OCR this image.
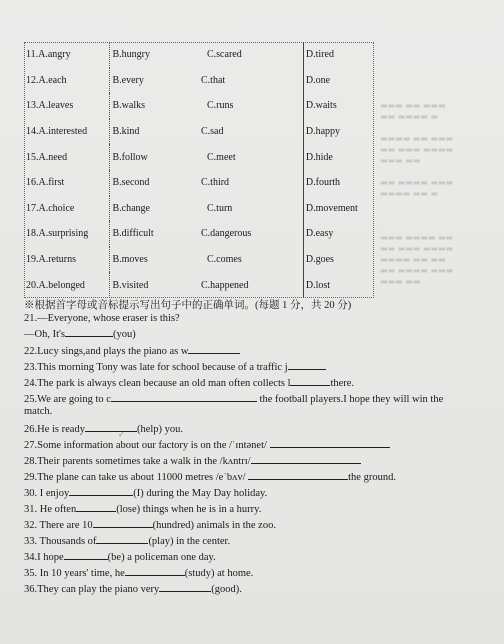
▬▬▬ ▬▬ ▬▬▬
▬▬ ▬▬▬▬ ▬

▬▬▬▬ ▬▬ ▬▬▬
▬▬ ▬▬▬ ▬▬▬▬
▬▬▬ ▬▬

▬▬ ▬▬▬▬ ▬▬▬
▬▬▬▬ ▬▬ ▬

▬▬▬ ▬▬▬▬ ▬▬
▬▬ ▬▬▬ ▬▬▬▬
▬▬▬▬ ▬▬ ▬▬
▬▬ ▬▬▬▬ ▬▬▬
▬▬▬ ▬▬
11.A.angry	B.hungry	C.scared	D.tired
12.A.each	B.every	C.that	D.one
13.A.leaves	B.walks	C.runs	D.waits
14.A.interested	B.kind	C.sad	D.happy
15.A.need	B.follow	C.meet	D.hide
16.A.first	B.second	C.third	D.fourth
17.A.choice	B.change	C.turn	D.movement
18.A.surprising	B.difficult	C.dangerous	D.easy
19.A.returns	B.moves	C.comes	D.goes
20.A.belonged	B.visited	C.happened	D.lost
※根据首字母或音标提示写出句子中的正确单词。(每题 1 分，共 20 分)
21.—Everyone, whose eraser is this?
—Oh, It's	(you)
22.Lucy sings,and plays the piano as w
23.This morning Tony was late for school because of a traffic j
24.The park is always clean because an old man often collects l	there.
25.We are going to c	the football players.I hope they will win the
match.
26.He is ready	(help) you.
✓
27.Some information about our factory is on the /ˈɪntənet/
28.Their parents sometimes take a walk in the /kʌntrɪ/
29.The plane can take us about 11000 metres /eˈbʌv/	the ground.
30. I enjoy	(I) during the May Day holiday.
31. He often	(lose) things when he is in a hurry.
32. There are 10	(hundred) animals in the zoo.
33. Thousands of	(play) in the center.
34.I hope	(be) a policeman one day.
35. In 10 years' time, he	(study) at home.
36.They can play the piano very	(good).
